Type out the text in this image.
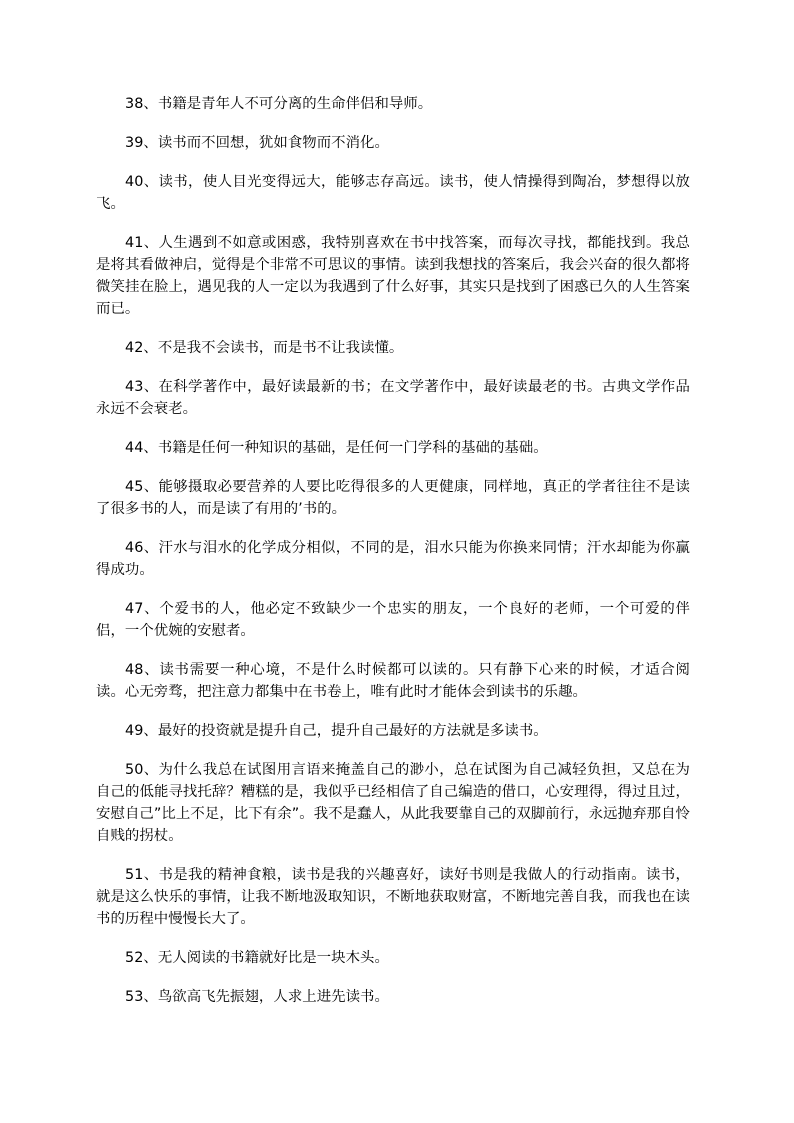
38、书籍是青年人不可分离的生命伴侣和导师。

39、读书而不回想，犹如食物而不消化。

40、读书，使人目光变得远大，能够志存高远。读书，使人情操得到陶冶，梦想得以放飞。

41、人生遇到不如意或困惑，我特别喜欢在书中找答案，而每次寻找，都能找到。我总是将其看做神启，觉得是个非常不可思议的事情。读到我想找的答案后，我会兴奋的很久都将微笑挂在脸上，遇见我的人一定以为我遇到了什么好事，其实只是找到了困惑已久的人生答案而已。

42、不是我不会读书，而是书不让我读懂。

43、在科学著作中，最好读最新的书；在文学著作中，最好读最老的书。古典文学作品永远不会衰老。

44、书籍是任何一种知识的基础，是任何一门学科的基础的基础。

45、能够摄取必要营养的人要比吃得很多的人更健康，同样地，真正的学者往往不是读了很多书的人，而是读了有用的’书的。

46、汗水与泪水的化学成分相似，不同的是，泪水只能为你换来同情；汗水却能为你赢得成功。

47、个爱书的人，他必定不致缺少一个忠实的朋友，一个良好的老师，一个可爱的伴侣，一个优婉的安慰者。

48、读书需要一种心境，不是什么时候都可以读的。只有静下心来的时候，才适合阅读。心无旁骛，把注意力都集中在书卷上，唯有此时才能体会到读书的乐趣。

49、最好的投资就是提升自己，提升自己最好的方法就是多读书。

50、为什么我总在试图用言语来掩盖自己的渺小，总在试图为自己减轻负担，又总在为自己的低能寻找托辞？糟糕的是，我似乎已经相信了自己编造的借口，心安理得，得过且过，安慰自己”比上不足，比下有余”。我不是蠢人，从此我要靠自己的双脚前行，永远抛弃那自怜自贱的拐杖。

51、书是我的精神食粮，读书是我的兴趣喜好，读好书则是我做人的行动指南。读书，就是这么快乐的事情，让我不断地汲取知识，不断地获取财富，不断地完善自我，而我也在读书的历程中慢慢长大了。

52、无人阅读的书籍就好比是一块木头。

53、鸟欲高飞先振翅，人求上进先读书。
